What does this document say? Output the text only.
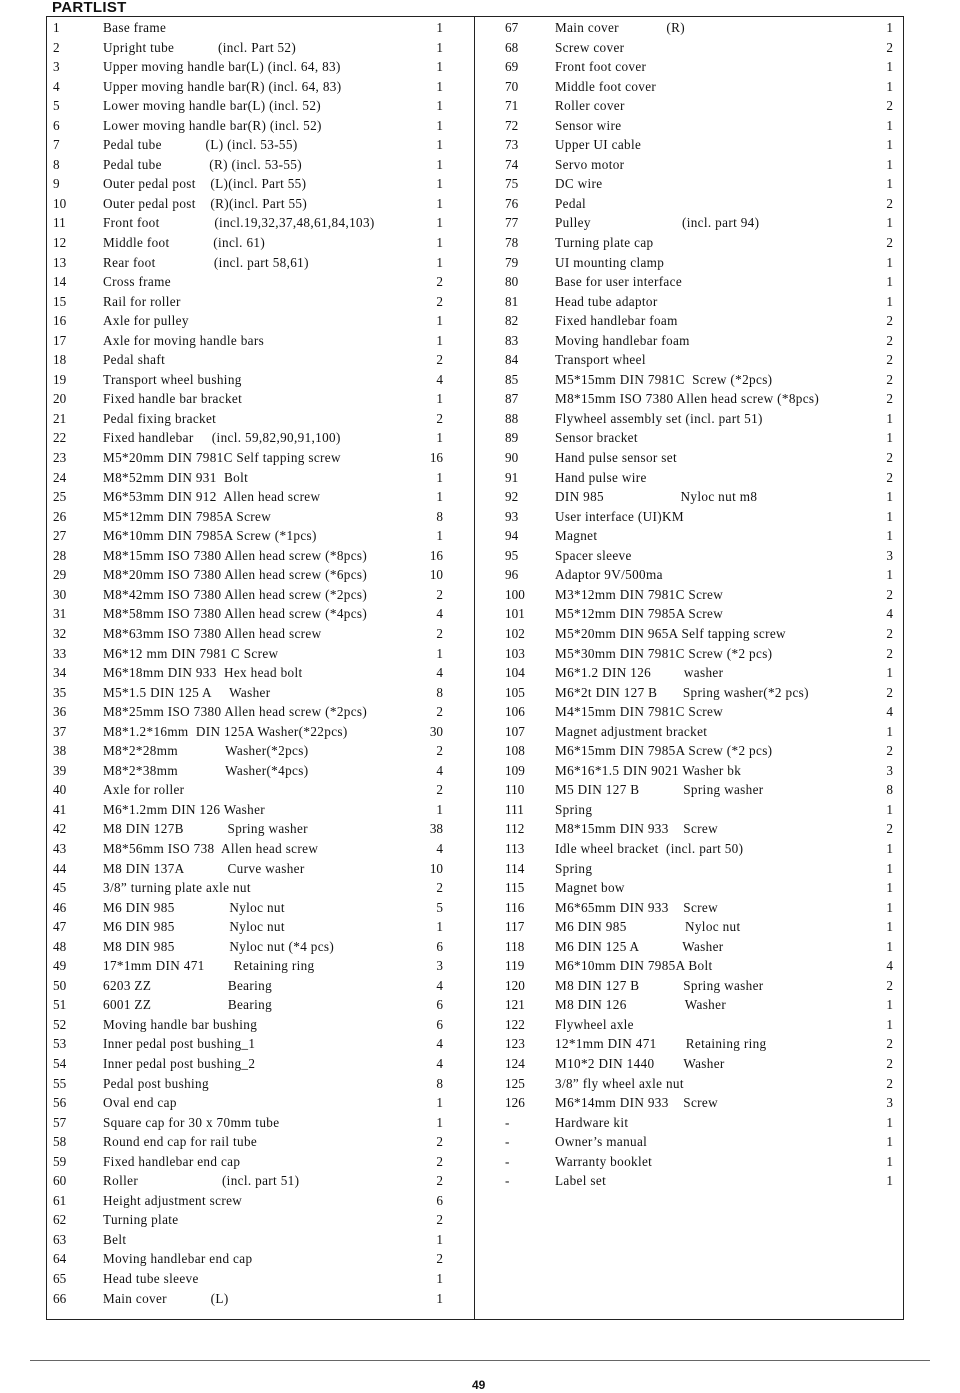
PARTLIST
1	Base frame	1
2	Upright tube            (incl. Part 52)	1
3	Upper moving handle bar(L) (incl. 64, 83)	1
4	Upper moving handle bar(R) (incl. 64, 83)	1
5	Lower moving handle bar(L) (incl. 52)	1
6	Lower moving handle bar(R) (incl. 52)	1
7	Pedal tube            (L) (incl. 53-55)	1
8	Pedal tube             (R) (incl. 53-55)	1
9	Outer pedal post    (L)(incl. Part 55)	1
10	Outer pedal post    (R)(incl. Part 55)	1
11	Front foot               (incl.19,32,37,48,61,84,103)	1
12	Middle foot            (incl. 61)	1
13	Rear foot                (incl. part 58,61)	1
14	Cross frame	2
15	Rail for roller	2
16	Axle for pulley	1
17	Axle for moving handle bars	1
18	Pedal shaft	2
19	Transport wheel bushing	4
20	Fixed handle bar bracket	1
21	Pedal fixing bracket	2
22	Fixed handlebar     (incl. 59,82,90,91,100)	1
23	M5*20mm DIN 7981C Self tapping screw	16
24	M8*52mm DIN 931  Bolt	1
25	M6*53mm DIN 912  Allen head screw	1
26	M5*12mm DIN 7985A Screw	8
27	M6*10mm DIN 7985A Screw (*1pcs)	1
28	M8*15mm ISO 7380 Allen head screw (*8pcs)	16
29	M8*20mm ISO 7380 Allen head screw (*6pcs)	10
30	M8*42mm ISO 7380 Allen head screw (*2pcs)	2
31	M8*58mm ISO 7380 Allen head screw (*4pcs)	4
32	M8*63mm ISO 7380 Allen head screw	2
33	M6*12 mm DIN 7981 C Screw	1
34	M6*18mm DIN 933  Hex head bolt	4
35	M5*1.5 DIN 125 A     Washer	8
36	M8*25mm ISO 7380 Allen head screw (*2pcs)	2
37	M8*1.2*16mm  DIN 125A Washer(*22pcs)	30
38	M8*2*28mm             Washer(*2pcs)	2
39	M8*2*38mm             Washer(*4pcs)	4
40	Axle for roller	2
41	M6*1.2mm DIN 126 Washer	1
42	M8 DIN 127B            Spring washer	38
43	M8*56mm ISO 738  Allen head screw	4
44	M8 DIN 137A            Curve washer	10
45	3/8” turning plate axle nut	2
46	M6 DIN 985               Nyloc nut	5
47	M6 DIN 985               Nyloc nut	1
48	M8 DIN 985               Nyloc nut (*4 pcs)	6
49	17*1mm DIN 471        Retaining ring	3
50	6203 ZZ                     Bearing	4
51	6001 ZZ                     Bearing	6
52	Moving handle bar bushing	6
53	Inner pedal post bushing_1	4
54	Inner pedal post bushing_2	4
55	Pedal post bushing	8
56	Oval end cap	1
57	Square cap for 30 x 70mm tube	1
58	Round end cap for rail tube	2
59	Fixed handlebar end cap	2
60	Roller                       (incl. part 51)	2
61	Height adjustment screw	6
62	Turning plate	2
63	Belt	1
64	Moving handlebar end cap	2
65	Head tube sleeve	1
66	Main cover            (L)	1
67	Main cover             (R)	1
68	Screw cover	2
69	Front foot cover	1
70	Middle foot cover	1
71	Roller cover	2
72	Sensor wire	1
73	Upper UI cable	1
74	Servo motor	1
75	DC wire	1
76	Pedal	2
77	Pulley                         (incl. part 94)	1
78	Turning plate cap	2
79	UI mounting clamp	1
80	Base for user interface	1
81	Head tube adaptor	1
82	Fixed handlebar foam	2
83	Moving handlebar foam	2
84	Transport wheel	2
85	M5*15mm DIN 7981C  Screw (*2pcs)	2
87	M8*15mm ISO 7380 Allen head screw (*8pcs)	2
88	Flywheel assembly set (incl. part 51)	1
89	Sensor bracket	1
90	Hand pulse sensor set	2
91	Hand pulse wire	2
92	DIN 985                     Nyloc nut m8	1
93	User interface (UI)KM	1
94	Magnet	1
95	Spacer sleeve	3
96	Adaptor 9V/500ma	1
100 M3*12mm DIN 7981C Screw	2
101 M5*12mm DIN 7985A Screw	4
102 M5*20mm DIN 965A Self tapping screw	2
103 M5*30mm DIN 7981C Screw (*2 pcs)	2
104 M6*1.2 DIN 126         washer	1
105 M6*2t DIN 127 B       Spring washer(*2 pcs)	2
106 M4*15mm DIN 7981C Screw	4
107 Magnet adjustment bracket	1
108 M6*15mm DIN 7985A Screw (*2 pcs)	2
109 M6*16*1.5 DIN 9021 Washer bk	3
110 M5 DIN 127 B            Spring washer	8
111 Spring	1
112 M8*15mm DIN 933    Screw	2
113 Idle wheel bracket  (incl. part 50)	1
114 Spring	1
115 Magnet bow	1
116 M6*65mm DIN 933    Screw	1
117 M6 DIN 985                Nyloc nut	1
118 M6 DIN 125 A            Washer	1
119 M6*10mm DIN 7985A Bolt	4
120 M8 DIN 127 B            Spring washer	2
121 M8 DIN 126                Washer	1
122 Flywheel axle	1
123 12*1mm DIN 471        Retaining ring	2
124 M10*2 DIN 1440        Washer	2
125 3/8” fly wheel axle nut	2
126 M6*14mm DIN 933    Screw	3
-	Hardware kit	1
-	Owner’s manual	1
-	Warranty booklet	1
-	Label set	1
49
